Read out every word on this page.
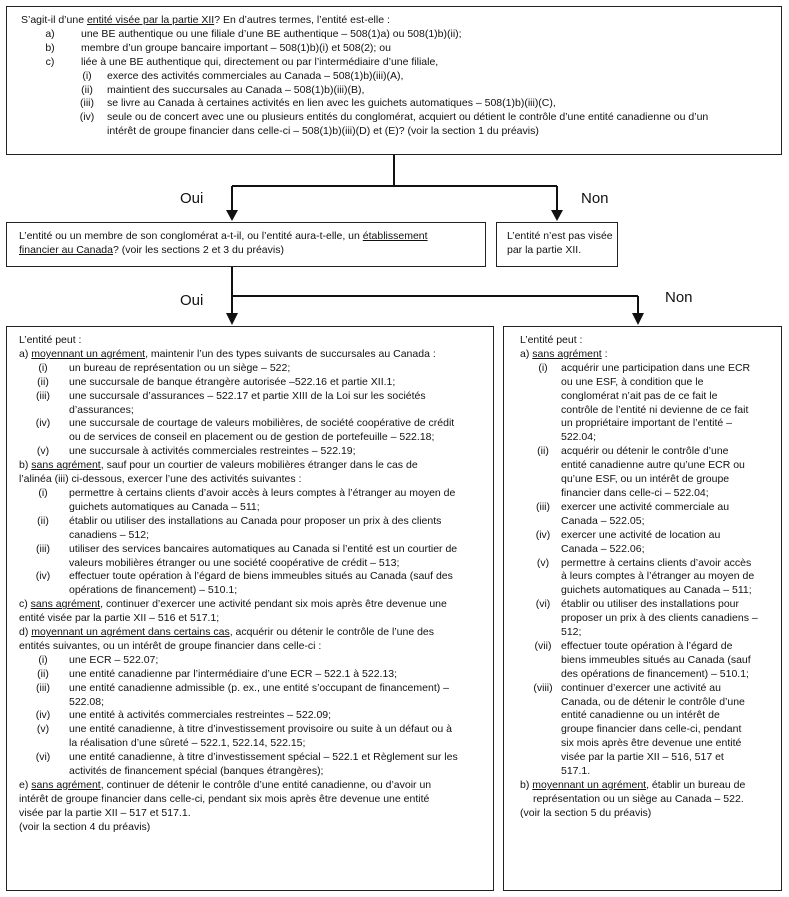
S’agit-il d’une entité visée par la partie XII? En d’autres termes, l’entité est-elle :

a)	une BE authentique ou une filiale d’une BE authentique – 508(1)a) ou 508(1)b)(ii);
b)	membre d’un groupe bancaire important – 508(1)b)(i) et 508(2); ou
c)	liée à une BE authentique qui, directement ou par l’intermédiaire d’une filiale,
(i)	exerce des activités commerciales au Canada – 508(1)b)(iii)(A),
(ii)	maintient des succursales au Canada – 508(1)b)(iii)(B),
(iii)	se livre au Canada à certaines activités en lien avec les guichets automatiques – 508(1)b)(iii)(C),
(iv)	seule ou de concert avec une ou plusieurs entités du conglomérat, acquiert ou détient le contrôle d’une entité canadienne ou d’un

intérêt de groupe financier dans celle-ci – 508(1)b)(iii)(D) et (E)? (voir la section 1 du préavis)

Oui	Non

L’entité ou un membre de son conglomérat a-t-il, ou l’entité aura-t-elle, un établissement

financier au Canada? (voir les sections 2 et 3 du préavis)

L’entité n’est pas visée

par la partie XII.

Oui	Non
L’entité peut :
a) moyennant un agrément, maintenir l’un des types suivants de succursales au Canada :
(i)	un bureau de représentation ou un siège – 522;
(ii)	une succursale de banque étrangère autorisée –522.16 et partie XII.1;
(iii)	une succursale d’assurances – 522.17 et partie XIII de la Loi sur les sociétés
d’assurances;
(iv)	une succursale de courtage de valeurs mobilières, de société coopérative de crédit
ou de services de conseil en placement ou de gestion de portefeuille – 522.18;
(v)	une succursale à activités commerciales restreintes – 522.19;
b) sans agrément, sauf pour un courtier de valeurs mobilières étranger dans le cas de
l’alinéa (iii) ci-dessous, exercer l’une des activités suivantes :
(i)	permettre à certains clients d’avoir accès à leurs comptes à l’étranger au moyen de
guichets automatiques au Canada – 511;
(ii)	établir ou utiliser des installations au Canada pour proposer un prix à des clients
canadiens – 512;
(iii)	utiliser des services bancaires automatiques au Canada si l’entité est un courtier de
valeurs mobilières étranger ou une société coopérative de crédit – 513;
(iv)	effectuer toute opération à l’égard de biens immeubles situés au Canada (sauf des
opérations de financement) – 510.1;
c) sans agrément, continuer d’exercer une activité pendant six mois après être devenue une
entité visée par la partie XII – 516 et 517.1;
d) moyennant un agrément dans certains cas, acquérir ou détenir le contrôle de l’une des
entités suivantes, ou un intérêt de groupe financier dans celle-ci :
(i)	une ECR – 522.07;
(ii)	une entité canadienne par l’intermédiaire d’une ECR – 522.1 à 522.13;
(iii)	une entité canadienne admissible (p. ex., une entité s’occupant de financement) –
522.08;
(iv)	une entité à activités commerciales restreintes – 522.09;
(v)	une entité canadienne, à titre d’investissement provisoire ou suite à un défaut ou à
la réalisation d’une sûreté – 522.1, 522.14, 522.15;
(vi)	une entité canadienne, à titre d’investissement spécial – 522.1 et Règlement sur les
activités de financement spécial (banques étrangères);
e) sans agrément, continuer de détenir le contrôle d’une entité canadienne, ou d’avoir un
intérêt de groupe financier dans celle-ci, pendant six mois après être devenue une entité
visée par la partie XII – 517 et 517.1.
(voir la section 4 du préavis)
L’entité peut :
a) sans agrément :
(i)	acquérir une participation dans une ECR
ou une ESF, à condition que le
conglomérat n’ait pas de ce fait le
contrôle de l’entité ni devienne de ce fait
un propriétaire important de l’entité –
522.04;
(ii)	acquérir ou détenir le contrôle d’une
entité canadienne autre qu’une ECR ou
qu’une ESF, ou un intérêt de groupe
financier dans celle-ci – 522.04;
(iii)	exercer une activité commerciale au
Canada – 522.05;
(iv)	exercer une activité de location au
Canada – 522.06;
(v)	permettre à certains clients d’avoir accès
à leurs comptes à l’étranger au moyen de
guichets automatiques au Canada – 511;
(vi)	établir ou utiliser des installations pour
proposer un prix à des clients canadiens –
512;
(vii) effectuer toute opération à l’égard de
biens immeubles situés au Canada (sauf
des opérations de financement) – 510.1;
(viii) continuer d’exercer une activité au
Canada, ou de détenir le contrôle d’une
entité canadienne ou un intérêt de
groupe financier dans celle-ci, pendant
six mois après être devenue une entité
visée par la partie XII – 516, 517 et
517.1.
b) moyennant un agrément, établir un bureau de
représentation ou un siège au Canada – 522.
(voir la section 5 du préavis)
